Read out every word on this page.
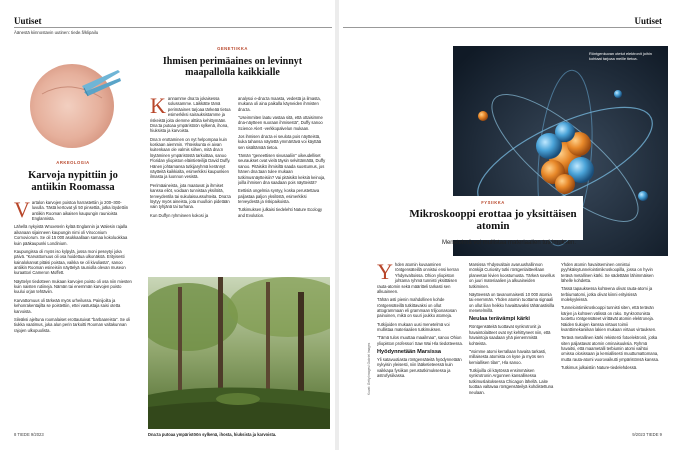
Uutiset
Äänestä kiinnostavin uutinen: tiede.fi/klipailu
ARKEOLOGIA
Karvoja nypittiin jo antiikin Roomassa
V artalon karvojen poistoa harrastettiin jo 200–300-luvulla. Tästä kertovat yli 50 pinsettiä, jotka löydettiin antiikin Rooman aikaisen kaupungin raunioista Englannista.

Lähellä nykyistä Wroxeterin kylää Englannin ja Walesin rajalla aikanaan sijainneen kaupungin nimi oli Viroconium Cornoviorum. Se oli 15 000 asukkaallaan samaa kokoluokkaa kuin pääkaupunki Londinium.

Kaupungissa oli myös iso kylpylä, jossa moni peseytyi joka päivä. "Karvattomuus oli osa hoidettua ulkonäköä. Erityisesti kainalokarvat pitäisi poistaa, vaikka se oli kivuliasta", sanoo antiikin Rooman esineisiin näyttelyä rauniolla olevan museon kuraattori Cameron Moffett.

Näyttelyn tiedotteen mukaan karvojen poisto oli osa niin miesten kuin naisten rutiineja. Nämän tai enemmän karvojen poisto kuului orjan tehtäviin.

Karvattomuus oli tärkeää myös urheilussa. Painijoilta ja kehonrakentajilta se poistettiin, ettei vastustaja saisi otetta karvoista.

Sileäksi ajeltuna roomalaiset erottautuivat "barbaareista". Se oli tiukka vaatimus, joka alun perin tarkoitti Rooman valtakunnan rajojen ulkopuolista.

GENETIIKKA
Ihmisen perimäaines on levinnyt maapallolla kaikkialle
K annamme dna:ta jokaisessa solussamme. Läikkätte tämä perimäaines tarjoaa tärkeää tietoa esimerkiksi sairauksistamme ja riskeistä joita olemme alttiita kehittymään. Dna:ta putoaa ympäristöön sylkenä, ihona, hiuksista ja karvoista.

Dna:n erottaminen on nyt helpompaa kuin koskaan aiemmin. Yhteiskunta ei aivan kuitenkaan ole valmis siihen, mitä dna:n löytäminen ympäristöstä tarkoittaa, sanoo Floridan yliopiston eläintieteilijä David Duffy. Hänen johtamansa tutkijaryhmä kerännyt näytteitä kaikkialta, esimerkiksi kaupunkien ilmasta ja luonnon vesistä.

Perimäaineista, jota maatuvat ja ihmiset kanssa eliöt, voidaan tunnistaa yksilöitä, terveydentila tai sukulaisuussuhteita. Dna:ta löytyy myös aineista, jota muulloin pidetään vain tyhjänä tai turhana.

Kun Duffyn ryhmineen kokosi ja

analysoi e-dna:ta maasta, vedestä ja ilmasta, mukana oli aina paikalla käyneiden ihmisten dna:ta.

"Useimmiten laatu vastaa sitä, että ottaisimme dna-näytteen suoraan ihmisestä", Duffy sanoo Science Alert -verkkopalvelun mukaan.

Jos ihmisen dna:ta ei seulota pois näytteistä, kuka tahansa näytettä ymmärtävä voi käyttää sen sisältämää tietoa.

Tämän "geneettisen sivusaaliin" oikeudelliset seuraukset ovat vielä täysin selvittämättä, Duffy sanoo. Pitäisikö ihmisiltä saada suostumus, jos hänen dna:taan tulee mukaan tutkimusnäytteisiin? Vai pitäisikö keksiä keinoja, joilla ihmisen dna saadaan pois näytteistä?

Eettisiä ongelmia syntyy, koska perustettava paljastaa paljon yksilöstä, esimerkiksi terveydestä ja riskipaikoista.

Tutkimuksen julkaisi tiedelehti Nature Ecology and Evolution.

Dna:ta putoaa ympäristöön sylkenä, ihosta, hiuksista ja karvoista.
8 TIEDE 9/2023
Uutiset
Röntgenkuvan otetut elektronit joihin kohtaat tarjoaa meille tietoa.
FYSIIKKA
Mikroskooppi erottaa jo yksittäisen atomin
Menetelmä voi mullistaa materiaalien tutkimuksen.
Kuvat: Getty Images/ Gabriel Images
Y hden atomin kuvaaminen röntgensäteillä onnistui ensi kerran Yhdysvaltoissa. Ohion yliopiston johtama ryhmä tunnisti yksittäisen rauta-atomin sekä määritteli tarkasti sen alkuaineen.

Tähän asti pienin mahdollinen kohde röntgensäteillä tutkittavaksi on ollut attogrammaan eli grammaan triljoonasosan painoinen, mikä on suuri joukko atomeja.

Tutkijoiden mukaan uusi menetelmä voi mullistaa materiaalien tutkimuksen.

"Tämä tulos muuttaa maailmaa", sanoo Ohion yliopiston professori Saw Wai Hla tiedotteessa.

Hyödynnetään Marsissa

Yli satavuotiasta röntgensäteitä hyödynnetään nykyisin yleisesti, niin lääketieteessä kuin vaikkapa fysiikan perustutkimuksessa ja astrofysiikassa.

Marsissa Yhdysvaltain avaruushallinnon mönkijä Curiosity tutki röntgenlaitteellaan planeetan kivien koostumusta. Tärkeä sovellus on juuri materiaalien ja alkuaineiden tutkiminen.

Näytteessä on tavanomaisesti 10 000 atomia tai enemmän. Yhden atomin tuottama signaali on ollut liian heikko havaittavaksi tähänastisilla menetelmillä.

Neulaa terävämpi kärki

Röntgensäteitä tuottavat synkrotronit ja havaintolaitteet ovat nyt kehittyneet niin, että havaintoja saadaan yhä pienemmistä kohteista.

"Voimme atomi kerrallaan havaita tarkasti, millaisesta atomista on kyse ja myös sen kemiallisen tilan", Hla sanoo.

Tutkijoilla oli käytössä ensimmäisen synkrotronin Argonnen kansallisessa tutkimuslaitoksessa Chicagon lähellä. Laite tuottaa valtavaa röntgensäteilyä kohdistettuna neulaan.

Yhden atomin havaitseminen onnistui pyyhkäisytunnelointimikroskoopilla, jossa on hyvin terävä metallinen kärki. Se sädettään lähimmäisen lähelle kohdetta.

Tässä tapauksessa kohteena olivat rauta-atomi ja terbiumatomi, jotka olivat kiinni erityisissä molekyyleissä.

Tunnelointimikroskooppi tunnisti siten, että terävän kärjen ja kohteen välissä on rako. Synkrotronista tuotettu röntgensäteet virittävät atomin elektroneja. Näiden tiukojen kanssa virtaus toimii kvanttimekaniikan lakien mukaan virtaus virtauksen.

Terävä metallinen kärki rekisteröi fotoelektronit, jotka siten paljastavat atomin ominaisuuksia. Ryhmä havaitsi, että maametalli terbiumin atomi vaihtoi omissa olosissaan ja kemiallisesti muuttumattomana, mutta rauta-atomi vuorovaikutti ympäristönsä kanssa.

Tutkimus julkaistiin Nature-tiedelehdessä.

9/2023 TIEDE 9
